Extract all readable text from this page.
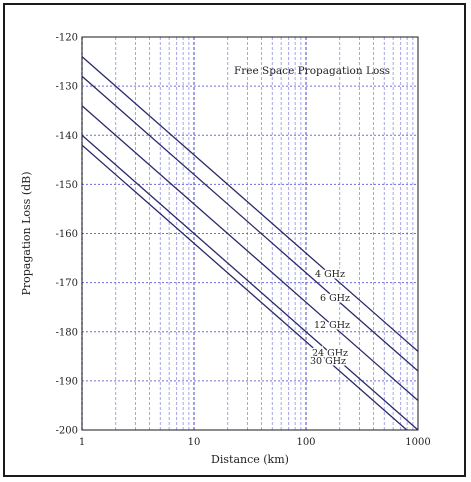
4 GHz
6 GHz
12 GHz
24 GHz
30 GHz
1	10	100	1000
-120
-130
-140
-150
-160
-170
-180
-190
-200
Free Space Propagation Loss
Distance (km)
Propagation Loss (dB)
